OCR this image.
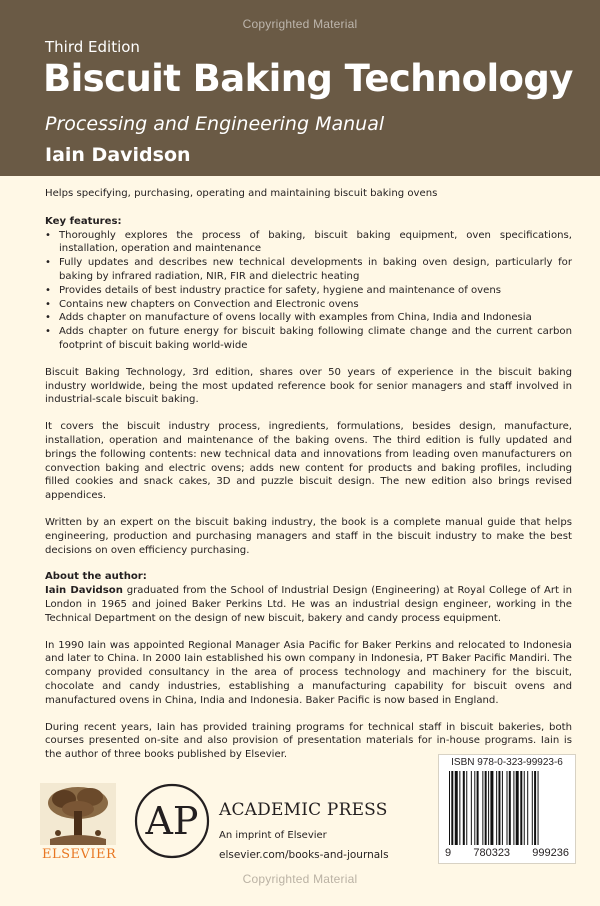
Copyrighted Material
Third Edition
Biscuit Baking Technology
Processing and Engineering Manual
Iain Davidson

Helps specifying, purchasing, operating and maintaining biscuit baking ovens

Key features:
• Thoroughly explores the process of baking, biscuit baking equipment, oven specifications, installation, operation and maintenance
• Fully updates and describes new technical developments in baking oven design, particularly for baking by infrared radiation, NIR, FIR and dielectric heating
• Provides details of best industry practice for safety, hygiene and maintenance of ovens
• Contains new chapters on Convection and Electronic ovens
• Adds chapter on manufacture of ovens locally with examples from China, India and Indonesia
• Adds chapter on future energy for biscuit baking following climate change and the current carbon footprint of biscuit baking world-wide

Biscuit Baking Technology, 3rd edition, shares over 50 years of experience in the biscuit baking industry worldwide, being the most updated reference book for senior managers and staff involved in industrial-scale biscuit baking.

It covers the biscuit industry process, ingredients, formulations, besides design, manufacture, installation, operation and maintenance of the baking ovens. The third edition is fully updated and brings the following contents: new technical data and innovations from leading oven manufacturers on convection baking and electric ovens; adds new content for products and baking profiles, including filled cookies and snack cakes, 3D and puzzle biscuit design. The new edition also brings revised appendices.

Written by an expert on the biscuit baking industry, the book is a complete manual guide that helps engineering, production and purchasing managers and staff in the biscuit industry to make the best decisions on oven efficiency purchasing.

About the author:

Iain Davidson graduated from the School of Industrial Design (Engineering) at Royal College of Art in London in 1965 and joined Baker Perkins Ltd. He was an industrial design engineer, working in the Technical Department on the design of new biscuit, bakery and candy process equipment.

In 1990 Iain was appointed Regional Manager Asia Pacific for Baker Perkins and relocated to Indonesia and later to China. In 2000 Iain established his own company in Indonesia, PT Baker Pacific Mandiri. The company provided consultancy in the area of process technology and machinery for the biscuit, chocolate and candy industries, establishing a manufacturing capability for biscuit ovens and manufactured ovens in China, India and Indonesia. Baker Pacific is now based in England.

During recent years, Iain has provided training programs for technical staff in biscuit bakeries, both courses presented on-site and also provision of presentation materials for in-house programs. Iain is the author of three books published by Elsevier.

ELSEVIER
AP ACADEMIC PRESS
An imprint of Elsevier
elsevier.com/books-and-journals
ISBN 978-0-323-99923-6
9 780323 999236
Copyrighted Material
